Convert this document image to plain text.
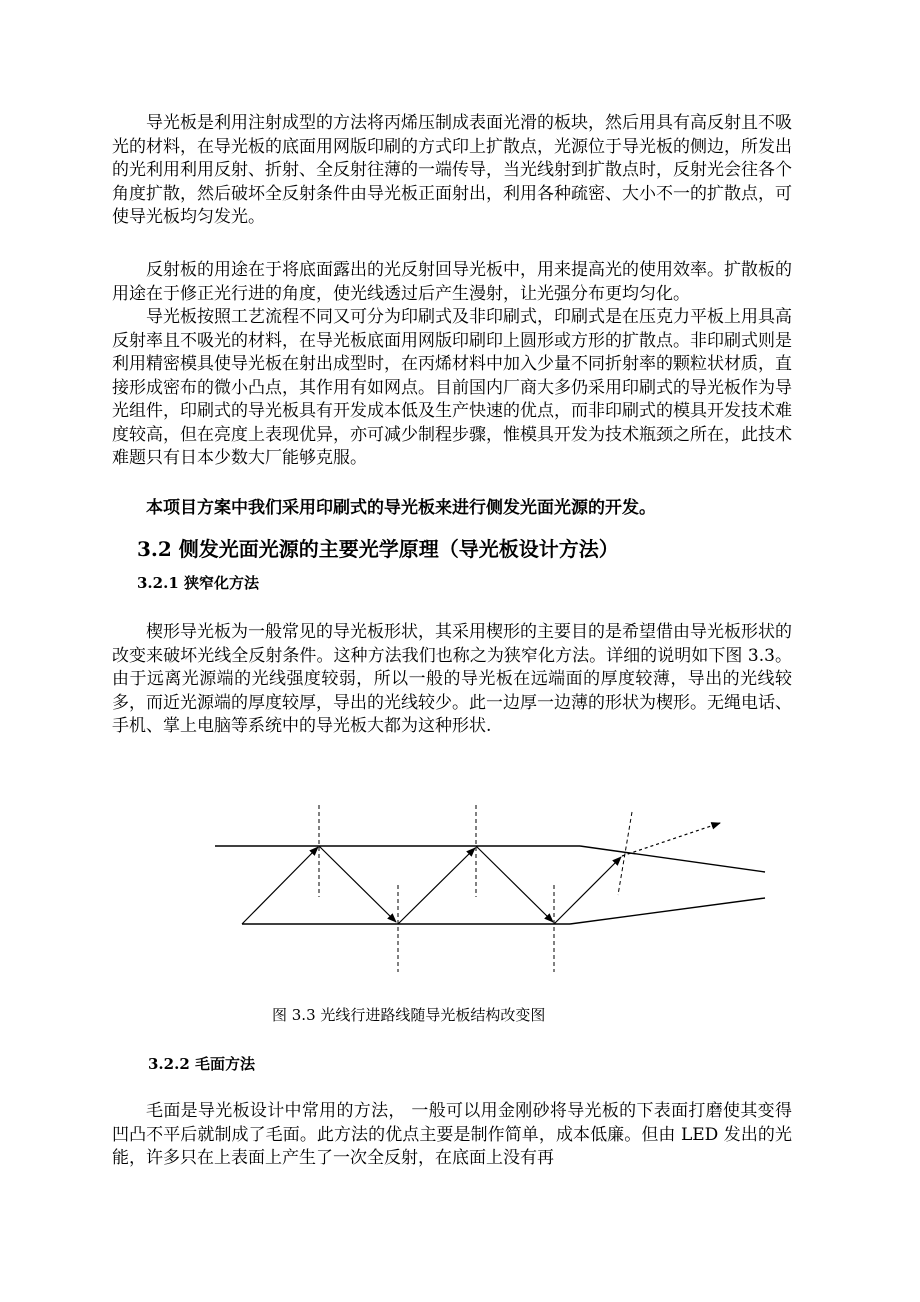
导光板是利用注射成型的方法将丙烯压制成表面光滑的板块，然后用具有高反射且不吸光的材料，在导光板的底面用网版印刷的方式印上扩散点，光源位于导光板的侧边，所发出的光利用利用反射、折射、全反射往薄的一端传导，当光线射到扩散点时，反射光会往各个角度扩散，然后破坏全反射条件由导光板正面射出，利用各种疏密、大小不一的扩散点，可使导光板均匀发光。

反射板的用途在于将底面露出的光反射回导光板中，用来提高光的使用效率。扩散板的用途在于修正光行进的角度，使光线透过后产生漫射，让光强分布更均匀化。

导光板按照工艺流程不同又可分为印刷式及非印刷式，印刷式是在压克力平板上用具高反射率且不吸光的材料，在导光板底面用网版印刷印上圆形或方形的扩散点。非印刷式则是利用精密模具使导光板在射出成型时，在丙烯材料中加入少量不同折射率的颗粒状材质，直接形成密布的微小凸点，其作用有如网点。目前国内厂商大多仍采用印刷式的导光板作为导光组件，印刷式的导光板具有开发成本低及生产快速的优点，而非印刷式的模具开发技术难度较高，但在亮度上表现优异，亦可减少制程步骤，惟模具开发为技术瓶颈之所在，此技术难题只有日本少数大厂能够克服。

本项目方案中我们采用印刷式的导光板来进行侧发光面光源的开发。

3.2 侧发光面光源的主要光学原理（导光板设计方法）
3.2.1 狭窄化方法

楔形导光板为一般常见的导光板形状，其采用楔形的主要目的是希望借由导光板形状的改变来破坏光线全反射条件。这种方法我们也称之为狭窄化方法。详细的说明如下图 3.3。由于远离光源端的光线强度较弱，所以一般的导光板在远端面的厚度较薄，导出的光线较多，而近光源端的厚度较厚，导出的光线较少。此一边厚一边薄的形状为楔形。无绳电话、手机、掌上电脑等系统中的导光板大都为这种形状.

图 3.3 光线行进路线随导光板结构改变图

3.2.2 毛面方法

毛面是导光板设计中常用的方法， 一般可以用金刚砂将导光板的下表面打磨使其变得凹凸不平后就制成了毛面。此方法的优点主要是制作简单，成本低廉。但由 LED 发出的光能，许多只在上表面上产生了一次全反射，在底面上没有再
